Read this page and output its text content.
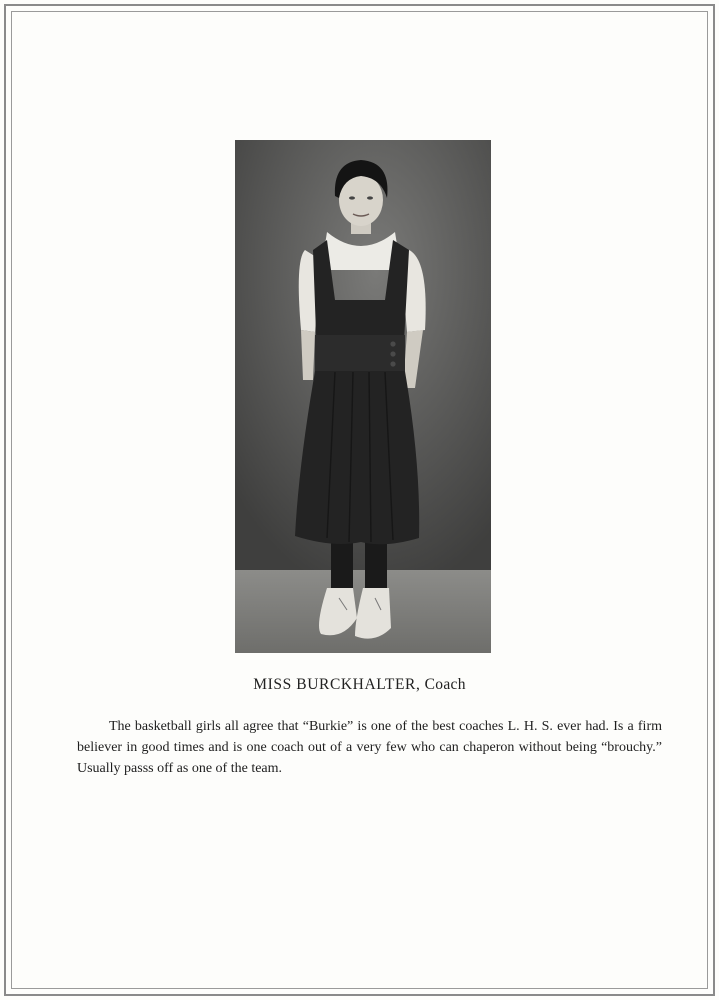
MISS BURCKHALTER, Coach

The basketball girls all agree that “Burkie” is one of the best coaches L. H. S. ever had. Is a firm believer in good times and is one coach out of a very few who can chaperon without being “brouchy.” Usually passs off as one of the team.
